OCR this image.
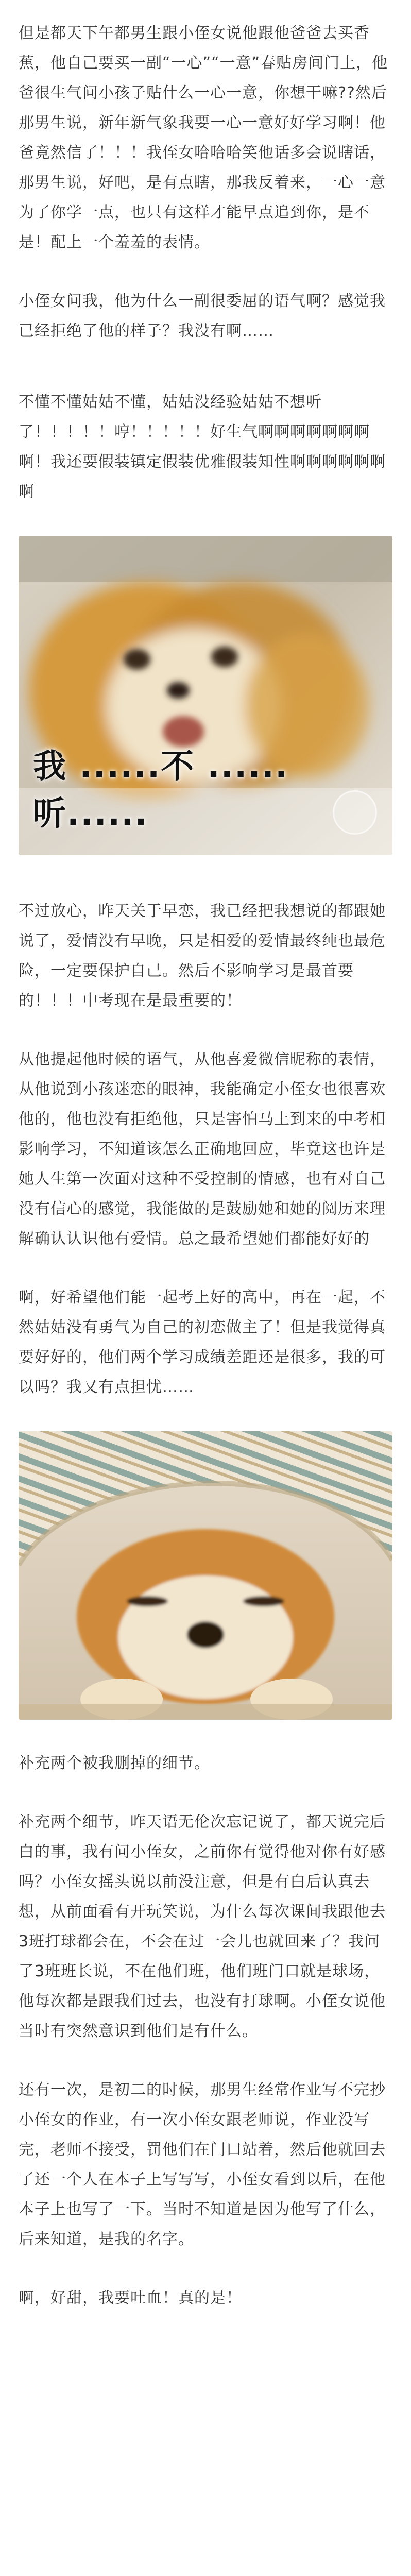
但是都天下午都男生跟小侄女说他跟他爸爸去买香蕉，他自己要买一副“一心”“一意”春贴房间门上，他爸很生气问小孩子贴什么一心一意，你想干嘛??然后那男生说，新年新气象我要一心一意好好学习啊！他爸竟然信了！！！我侄女哈哈哈笑他话多会说瞎话，那男生说，好吧，是有点瞎，那我反着来，一心一意为了你学一点，也只有这样才能早点追到你，是不是！配上一个羞羞的表情。

小侄女问我，他为什么一副很委屈的语气啊？感觉我已经拒绝了他的样子？我没有啊……

不懂不懂姑姑不懂，姑姑没经验姑姑不想听了！！！！！哼！！！！！好生气啊啊啊啊啊啊啊啊！我还要假装镇定假装优雅假装知性啊啊啊啊啊啊啊

我 ......不 ......听......

不过放心，昨天关于早恋，我已经把我想说的都跟她说了，爱情没有早晚，只是相爱的爱情最终纯也最危险，一定要保护自己。然后不影响学习是最首要的！！！中考现在是最重要的！

从他提起他时候的语气，从他喜爱微信昵称的表情，从他说到小孩迷恋的眼神，我能确定小侄女也很喜欢他的，他也没有拒绝他，只是害怕马上到来的中考相影响学习，不知道该怎么正确地回应，毕竟这也许是她人生第一次面对这种不受控制的情感，也有对自己没有信心的感觉，我能做的是鼓励她和她的阅历来理解确认认识他有爱情。总之最希望她们都能好好的

啊，好希望他们能一起考上好的高中，再在一起，不然姑姑没有勇气为自己的初恋做主了！但是我觉得真要好好的，他们两个学习成绩差距还是很多，我的可以吗？我又有点担忧……

补充两个被我删掉的细节。

补充两个细节，昨天语无伦次忘记说了，都天说完后白的事，我有问小侄女，之前你有觉得他对你有好感吗？小侄女摇头说以前没注意，但是有白后认真去想，从前面看有开玩笑说，为什么每次课间我跟他去3班打球都会在，不会在过一会儿也就回来了？我问了3班班长说，不在他们班，他们班门口就是球场，他每次都是跟我们过去，也没有打球啊。小侄女说他当时有突然意识到他们是有什么。

还有一次，是初二的时候，那男生经常作业写不完抄小侄女的作业，有一次小侄女跟老师说，作业没写完，老师不接受，罚他们在门口站着，然后他就回去了还一个人在本子上写写写，小侄女看到以后，在他本子上也写了一下。当时不知道是因为他写了什么，后来知道，是我的名字。

啊，好甜，我要吐血！真的是！
